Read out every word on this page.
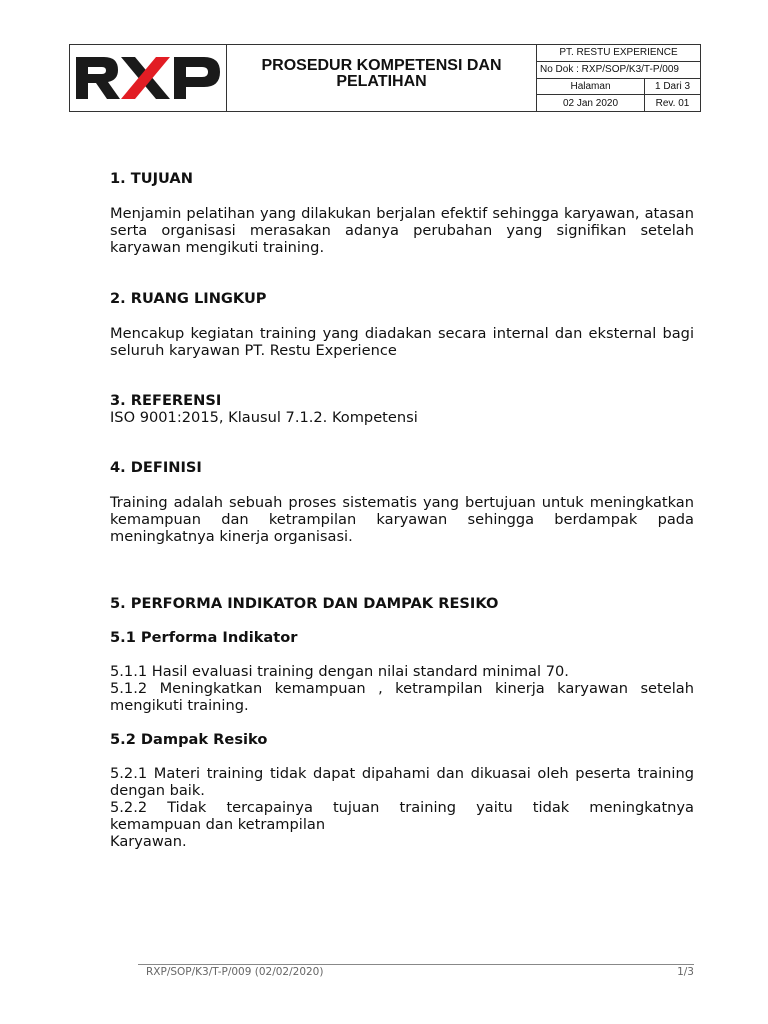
PROSEDUR KOMPETENSI DAN
PELATIHAN
PT. RESTU EXPERIENCE
No Dok : RXP/SOP/K3/T-P/009
Halaman	1 Dari 3
02 Jan 2020	Rev. 01
1. TUJUAN

Menjamin pelatihan yang dilakukan berjalan efektif sehingga karyawan, atasan serta organisasi merasakan adanya perubahan yang signifikan setelah karyawan mengikuti training.

2. RUANG LINGKUP

Mencakup kegiatan training yang diadakan secara internal dan eksternal bagi seluruh karyawan PT. Restu Experience

3. REFERENSI

ISO 9001:2015, Klausul 7.1.2. Kompetensi

4. DEFINISI

Training adalah sebuah proses sistematis yang bertujuan untuk meningkatkan kemampuan dan ketrampilan karyawan sehingga berdampak pada meningkatnya kinerja organisasi.

5. PERFORMA INDIKATOR DAN DAMPAK RESIKO
5.1 Performa Indikator

5.1.1 Hasil evaluasi training dengan nilai standard minimal 70.

5.1.2 Meningkatkan kemampuan , ketrampilan kinerja karyawan setelah mengikuti training.

5.2 Dampak Resiko

5.2.1 Materi training tidak dapat dipahami dan dikuasai oleh peserta training dengan baik.

5.2.2 Tidak tercapainya tujuan training yaitu tidak meningkatnya

kemampuan dan ketrampilan

Karyawan.

RXP/SOP/K3/T-P/009 (02/02/2020)	1/3
